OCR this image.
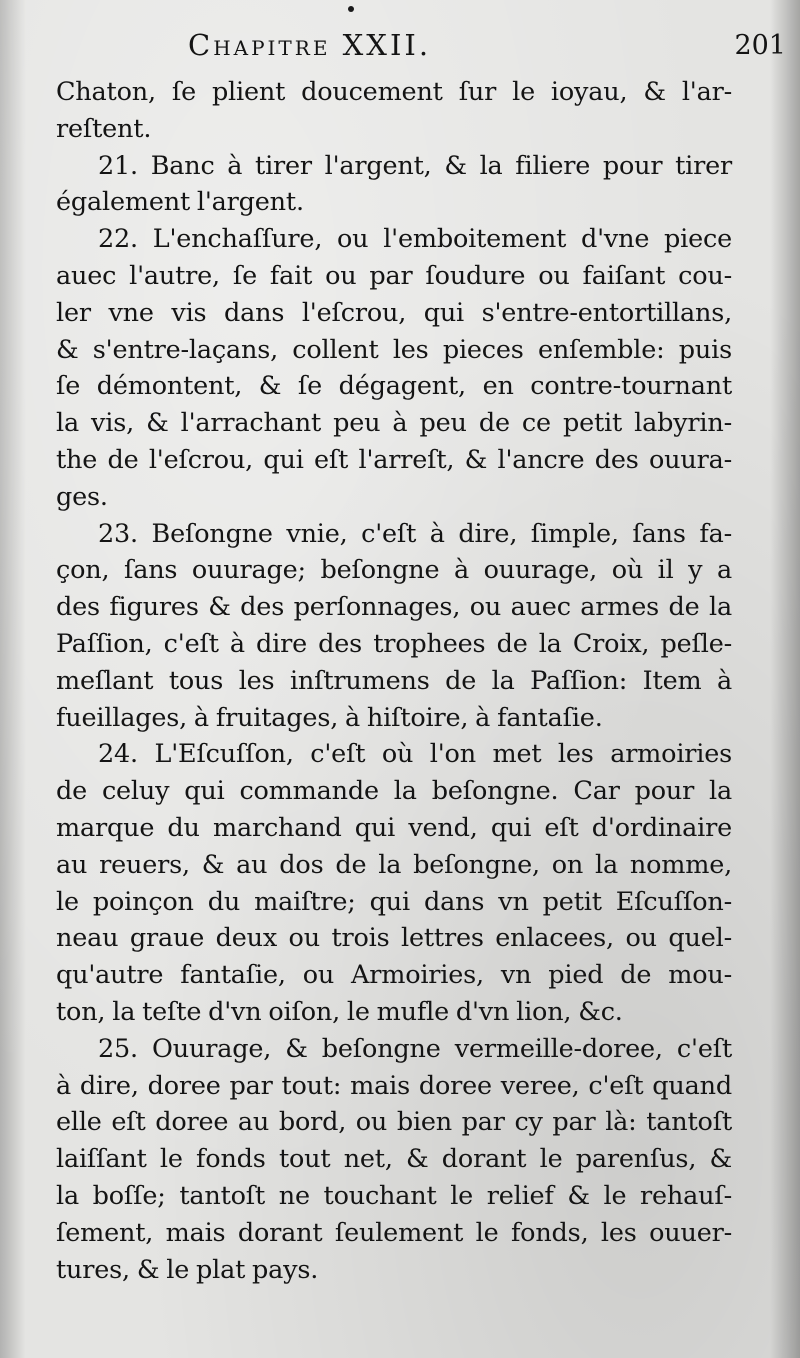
Chapitre XXII.	201
Chaton, ſe plient doucement ſur le ioyau, & l'ar-
reſtent.
21. Banc à tirer l'argent, & la filiere pour tirer
également l'argent.
22. L'enchaſſure, ou l'emboitement d'vne piece
auec l'autre, ſe fait ou par ſoudure ou faiſant cou-
ler vne vis dans l'eſcrou, qui s'entre-entortillans,
& s'entre-laçans, collent les pieces enſemble: puis
ſe démontent, & ſe dégagent, en contre-tournant
la vis, & l'arrachant peu à peu de ce petit labyrin-
the de l'eſcrou, qui eſt l'arreſt, & l'ancre des ouura-
ges.
23. Beſongne vnie, c'eſt à dire, ſimple, ſans fa-
çon, ſans ouurage; beſongne à ouurage, où il y a
des figures & des perſonnages, ou auec armes de la
Paſſion, c'eſt à dire des trophees de la Croix, peſle-
meſlant tous les inſtrumens de la Paſſion: Item à
fueillages, à fruitages, à hiſtoire, à fantaſie.
24. L'Eſcuſſon, c'eſt où l'on met les armoiries
de celuy qui commande la beſongne. Car pour la
marque du marchand qui vend, qui eſt d'ordinaire
au reuers, & au dos de la beſongne, on la nomme,
le poinçon du maiſtre; qui dans vn petit Eſcuſſon-
neau graue deux ou trois lettres enlacees, ou quel-
qu'autre fantaſie, ou Armoiries, vn pied de mou-
ton, la teſte d'vn oiſon, le mufle d'vn lion, &c.
25. Ouurage, & beſongne vermeille-doree, c'eſt
à dire, doree par tout: mais doree veree, c'eſt quand
elle eſt doree au bord, ou bien par cy par là: tantoſt
laiſſant le fonds tout net, & dorant le parenſus, &
la boſſe; tantoſt ne touchant le relief & le rehauſ-
ſement, mais dorant ſeulement le fonds, les ouuer-
tures, & le plat pays.
